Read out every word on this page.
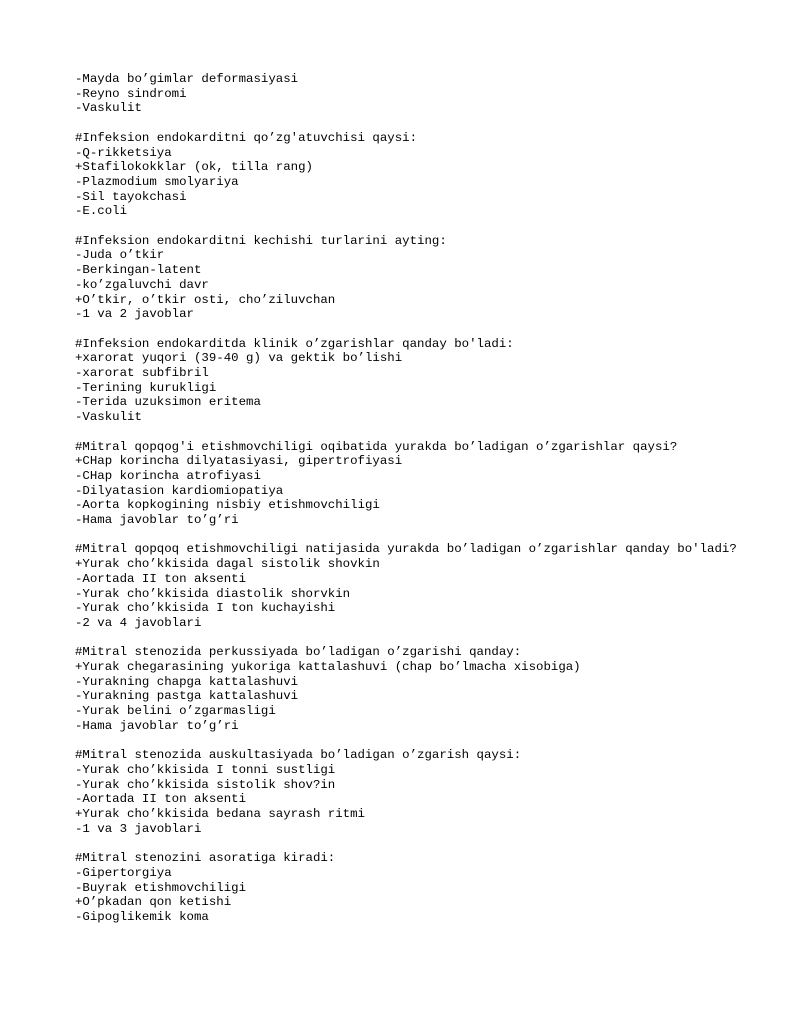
-Mayda bo’gimlar deformasiyasi
-Reyno sindromi
-Vaskulit
#Infeksion endokarditni qo’zg'atuvchisi qaysi:
-Q-rikketsiya
+Stafilokokklar (ok, tilla rang)
-Plazmodium smolyariya
-Sil tayokchasi
-E.coli
#Infeksion endokarditni kechishi turlarini ayting:
-Juda o’tkir
-Berkingan-latent
-ko’zgaluvchi davr
+O’tkir, o’tkir osti, cho’ziluvchan
-1 va 2 javoblar
#Infeksion endokarditda klinik o’zgarishlar qanday bo'ladi:
+xarorat yuqori (39-40 g) va gektik bo’lishi
-xarorat subfibril
-Terining kurukligi
-Terida uzuksimon eritema
-Vaskulit
#Mitral qopqog'i etishmovchiligi oqibatida yurakda bo’ladigan o’zgarishlar qaysi?
+CHap korincha dilyatasiyasi, gipertrofiyasi
-CHap korincha atrofiyasi
-Dilyatasion kardiomiopatiya
-Aorta kopkogining nisbiy etishmovchiligi
-Hama javoblar to’g’ri
#Mitral qopqoq etishmovchiligi natijasida yurakda bo’ladigan o’zgarishlar qanday bo'ladi?
+Yurak cho’kkisida dagal sistolik shovkin
-Aortada II ton aksenti
-Yurak cho’kkisida diastolik shorvkin
-Yurak cho’kkisida I ton kuchayishi
-2 va 4 javoblari
#Mitral stenozida perkussiyada bo’ladigan o’zgarishi qanday:
+Yurak chegarasining yukoriga kattalashuvi (chap bo’lmacha xisobiga)
-Yurakning chapga kattalashuvi
-Yurakning pastga kattalashuvi
-Yurak belini o’zgarmasligi
-Hama javoblar to’g’ri
#Mitral stenozida auskultasiyada bo’ladigan o’zgarish qaysi:
-Yurak cho’kkisida I tonni sustligi
-Yurak cho’kkisida sistolik shov?in
-Aortada II ton aksenti
+Yurak cho’kkisida bedana sayrash ritmi
-1 va 3 javoblari
#Mitral stenozini asoratiga kiradi:
-Gipertorgiya
-Buyrak etishmovchiligi
+O’pkadan qon ketishi
-Gipoglikemik koma
